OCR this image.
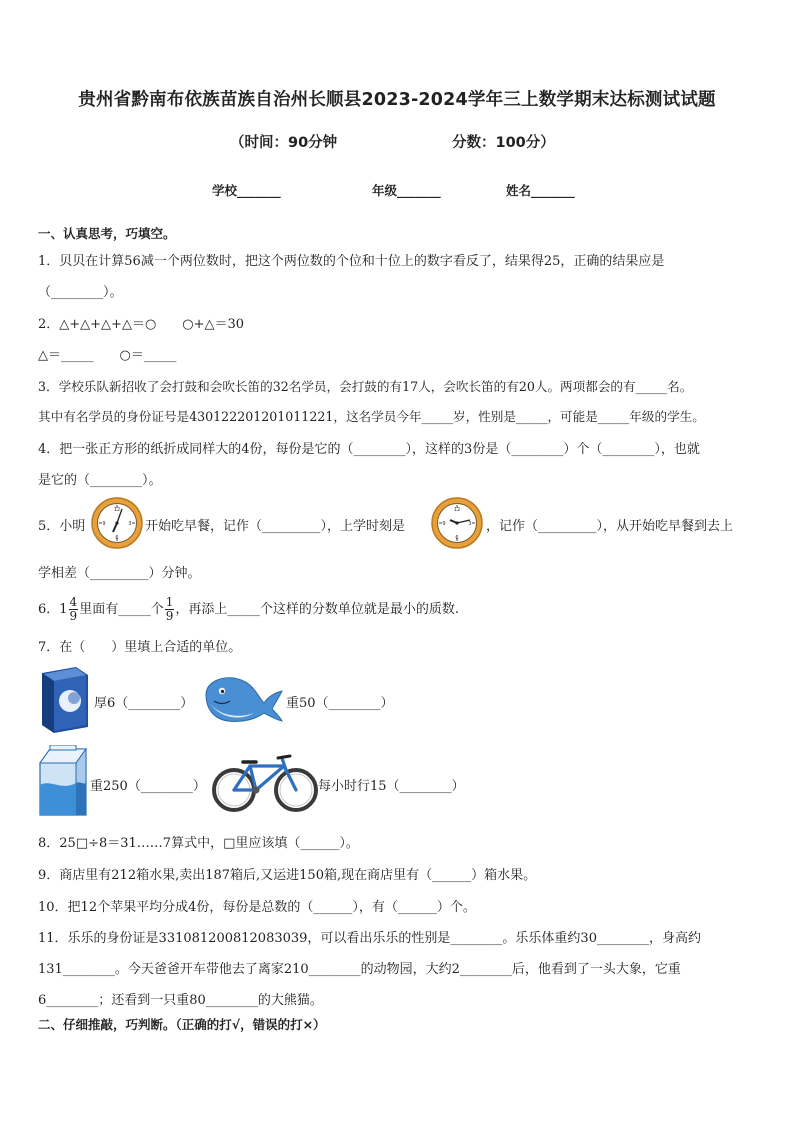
贵州省黔南布依族苗族自治州长顺县2023-2024学年三上数学期末达标测试试题
（时间：90分钟	分数：100分）
学校_______	年级_______	姓名_______
一、认真思考，巧填空。
1．贝贝在计算56减一个两位数时，把这个两位数的个位和十位上的数字看反了，结果得25，正确的结果应是
（________）。
2．△+△+△+△＝○　　○+△＝30
△＝_____　　○＝_____
3．学校乐队新招收了会打鼓和会吹长笛的32名学员，会打鼓的有17人，会吹长笛的有20人。两项都会的有_____名。
其中有名学员的身份证号是430122201201011221，这名学员今年_____岁，性别是_____，可能是_____年级的学生。
4．把一张正方形的纸折成同样大的4份，每份是它的（________），这样的3份是（________）个（________），也就
是它的（________）。
5．小明
12
3
6
9	开始吃早餐，记作（_________），上学时刻是
12
3
6
9	，记作（_________），从开始吃早餐到去上
学相差（_________）分钟。
6．$1 \frac{4}{9}$ 里面有_____个 $\frac{1}{9}$ ，再添上_____个这样的分数单位就是最小的质数.
7．在（　　）里填上合适的单位。
厚6（________）	重50（________）
重250（________）	每小时行15（________）
8．25□÷8＝31……7算式中，□里应该填（______）。
9．商店里有212箱水果,卖出187箱后,又运进150箱,现在商店里有（______）箱水果。
10．把12个苹果平均分成4份，每份是总数的（______），有（______）个。
11．乐乐的身份证是331081200812083039，可以看出乐乐的性别是________。乐乐体重约30________，身高约
131________。今天爸爸开车带他去了离家210________的动物园，大约2________后，他看到了一头大象，它重
6________；还看到一只重80________的大熊猫。
二、仔细推敲，巧判断。（正确的打√，错误的打×）
